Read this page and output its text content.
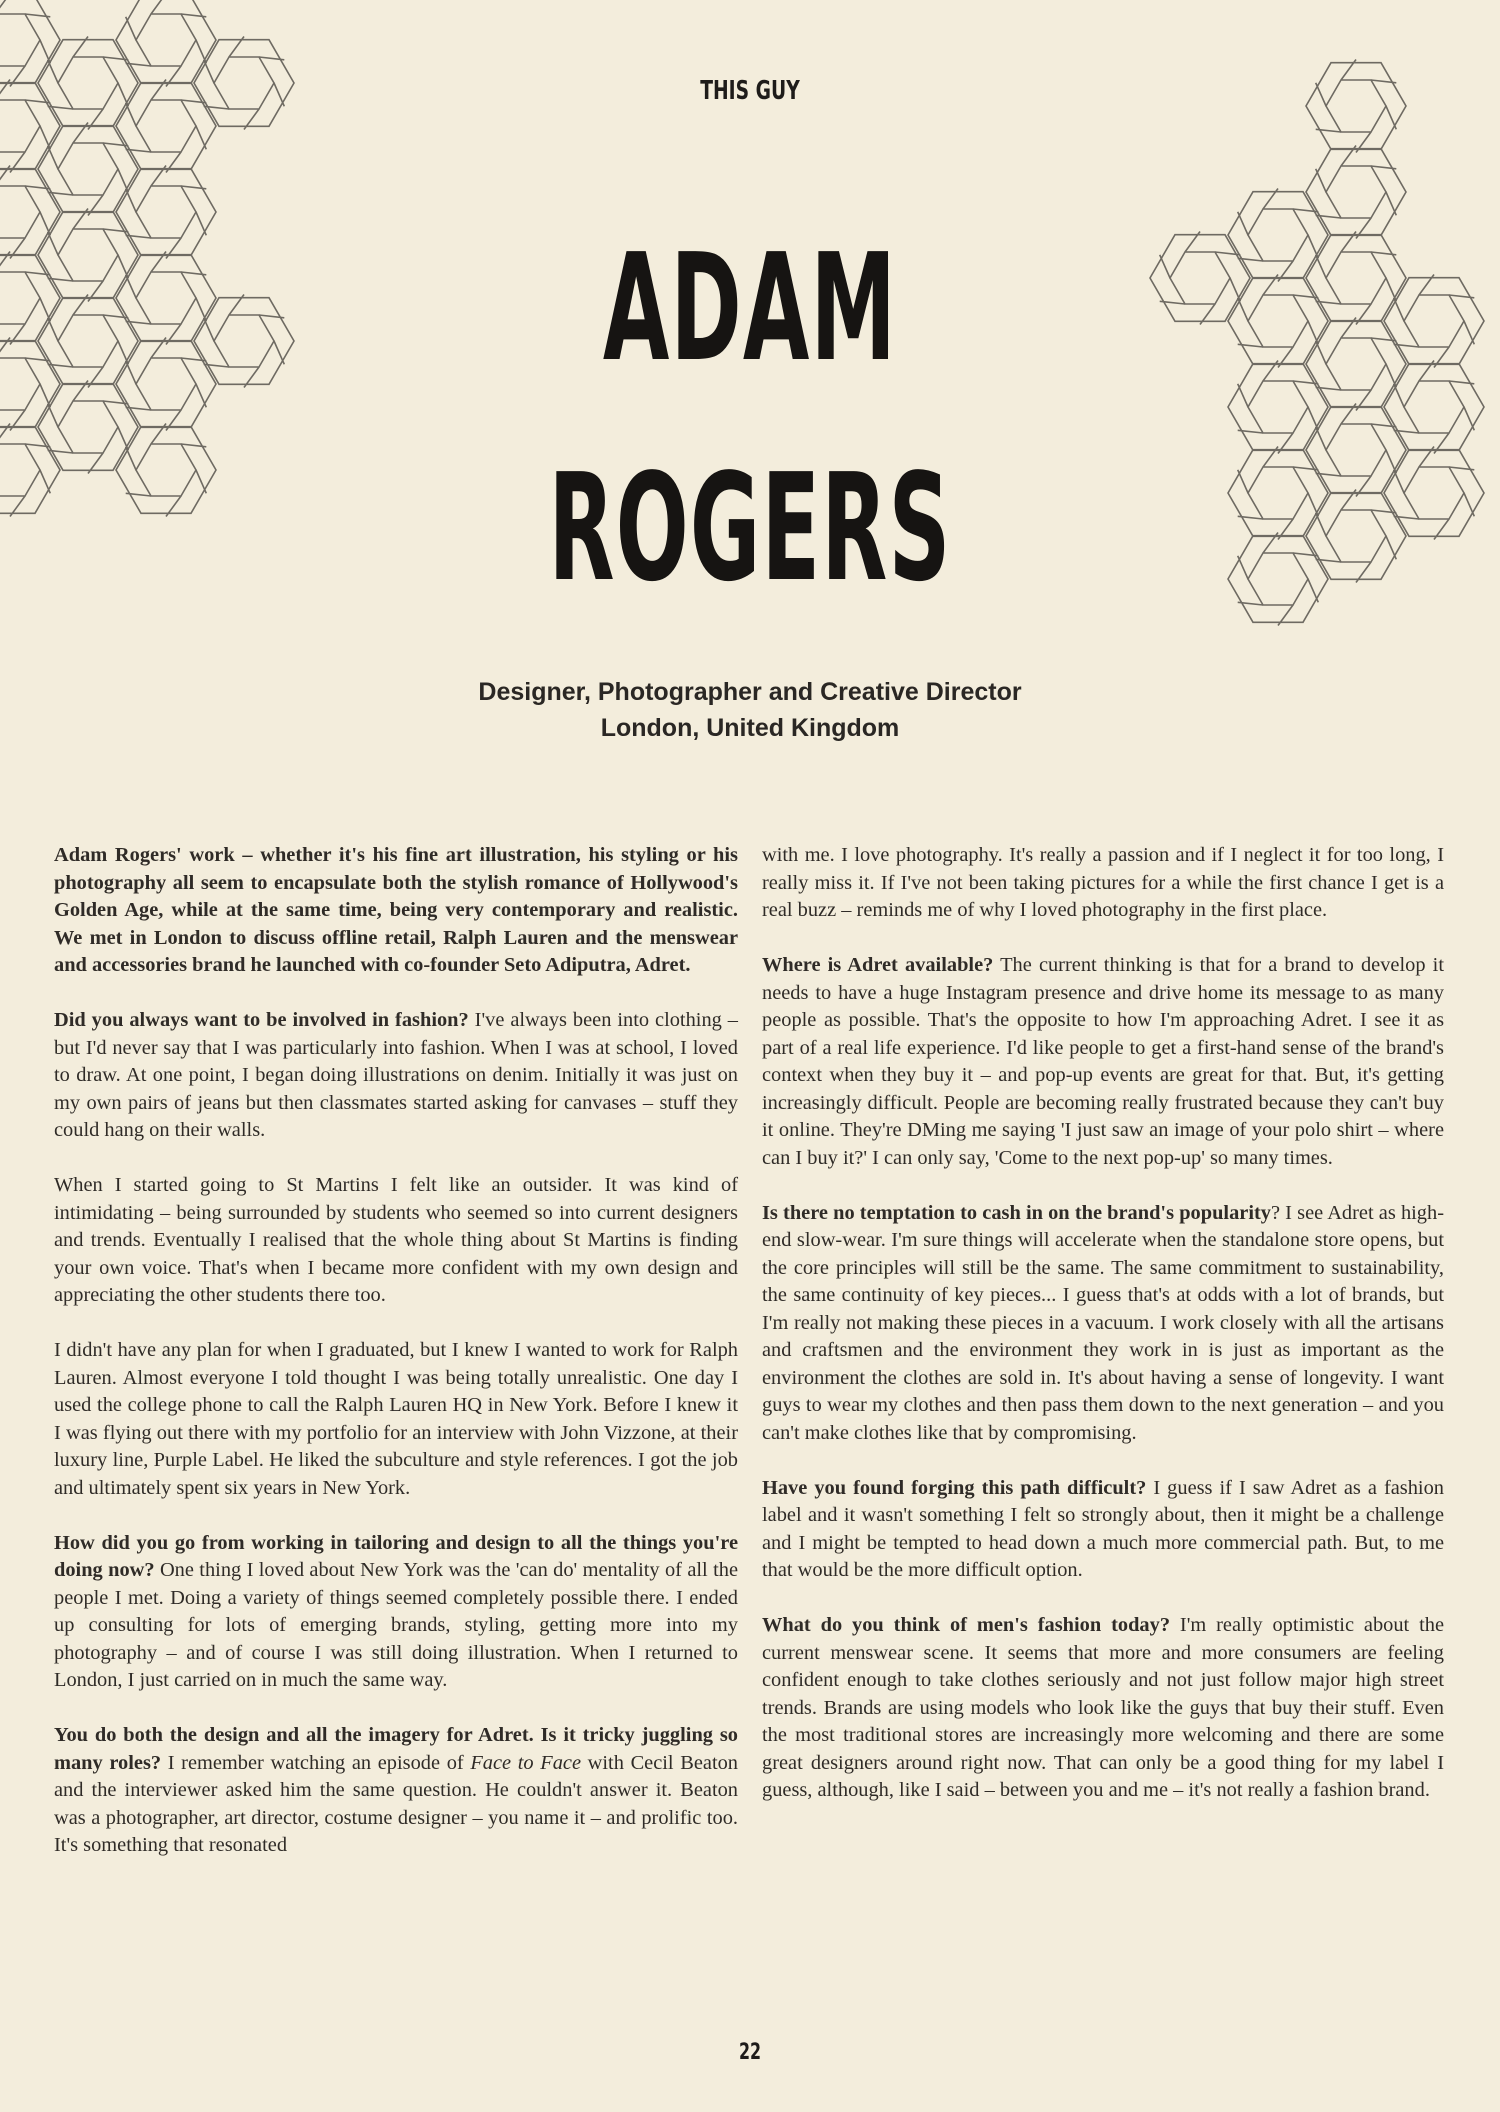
THIS GUY
ADAM
ROGERS
Designer, Photographer and Creative Director
London, United Kingdom

Adam Rogers' work – whether it's his fine art illustration, his styling or his photography all seem to encapsulate both the stylish romance of Hollywood's Golden Age, while at the same time, being very contemporary and realistic. We met in London to discuss offline retail, Ralph Lauren and the menswear and accessories brand he launched with co-founder Seto Adiputra, Adret.

Did you always want to be involved in fashion? I've always been into clothing – but I'd never say that I was particularly into fashion. When I was at school, I loved to draw. At one point, I began doing illustrations on denim. Initially it was just on my own pairs of jeans but then classmates started asking for canvases – stuff they could hang on their walls.

When I started going to St Martins I felt like an outsider. It was kind of intimidating – being surrounded by students who seemed so into current designers and trends. Eventually I realised that the whole thing about St Martins is finding your own voice. That's when I became more confident with my own design and appreciating the other students there too.

I didn't have any plan for when I graduated, but I knew I wanted to work for Ralph Lauren. Almost everyone I told thought I was being totally unrealistic. One day I used the college phone to call the Ralph Lauren HQ in New York. Before I knew it I was flying out there with my portfolio for an interview with John Vizzone, at their luxury line, Purple Label. He liked the subculture and style references. I got the job and ultimately spent six years in New York.

How did you go from working in tailoring and design to all the things you're doing now? One thing I loved about New York was the 'can do' mentality of all the people I met. Doing a variety of things seemed completely possible there. I ended up consulting for lots of emerging brands, styling, getting more into my photography – and of course I was still doing illustration. When I returned to London, I just carried on in much the same way.

You do both the design and all the imagery for Adret. Is it tricky juggling so many roles? I remember watching an episode of Face to Face with Cecil Beaton and the interviewer asked him the same question. He couldn't answer it. Beaton was a photographer, art director, costume designer – you name it – and prolific too. It's something that resonated

with me. I love photography. It's really a passion and if I neglect it for too long, I really miss it. If I've not been taking pictures for a while the first chance I get is a real buzz – reminds me of why I loved photography in the first place.

Where is Adret available? The current thinking is that for a brand to develop it needs to have a huge Instagram presence and drive home its message to as many people as possible. That's the opposite to how I'm approaching Adret. I see it as part of a real life experience. I'd like people to get a first-hand sense of the brand's context when they buy it – and pop-up events are great for that. But, it's getting increasingly difficult. People are becoming really frustrated because they can't buy it online. They're DMing me saying 'I just saw an image of your polo shirt – where can I buy it?' I can only say, 'Come to the next pop-up' so many times.

Is there no temptation to cash in on the brand's popularity? I see Adret as high-end slow-wear. I'm sure things will accelerate when the standalone store opens, but the core principles will still be the same. The same commitment to sustainability, the same continuity of key pieces... I guess that's at odds with a lot of brands, but I'm really not making these pieces in a vacuum. I work closely with all the artisans and craftsmen and the environment they work in is just as important as the environment the clothes are sold in. It's about having a sense of longevity. I want guys to wear my clothes and then pass them down to the next generation – and you can't make clothes like that by compromising.

Have you found forging this path difficult? I guess if I saw Adret as a fashion label and it wasn't something I felt so strongly about, then it might be a challenge and I might be tempted to head down a much more commercial path. But, to me that would be the more difficult option.

What do you think of men's fashion today? I'm really optimistic about the current menswear scene. It seems that more and more consumers are feeling confident enough to take clothes seriously and not just follow major high street trends. Brands are using models who look like the guys that buy their stuff. Even the most traditional stores are increasingly more welcoming and there are some great designers around right now. That can only be a good thing for my label I guess, although, like I said – between you and me – it's not really a fashion brand.

22
